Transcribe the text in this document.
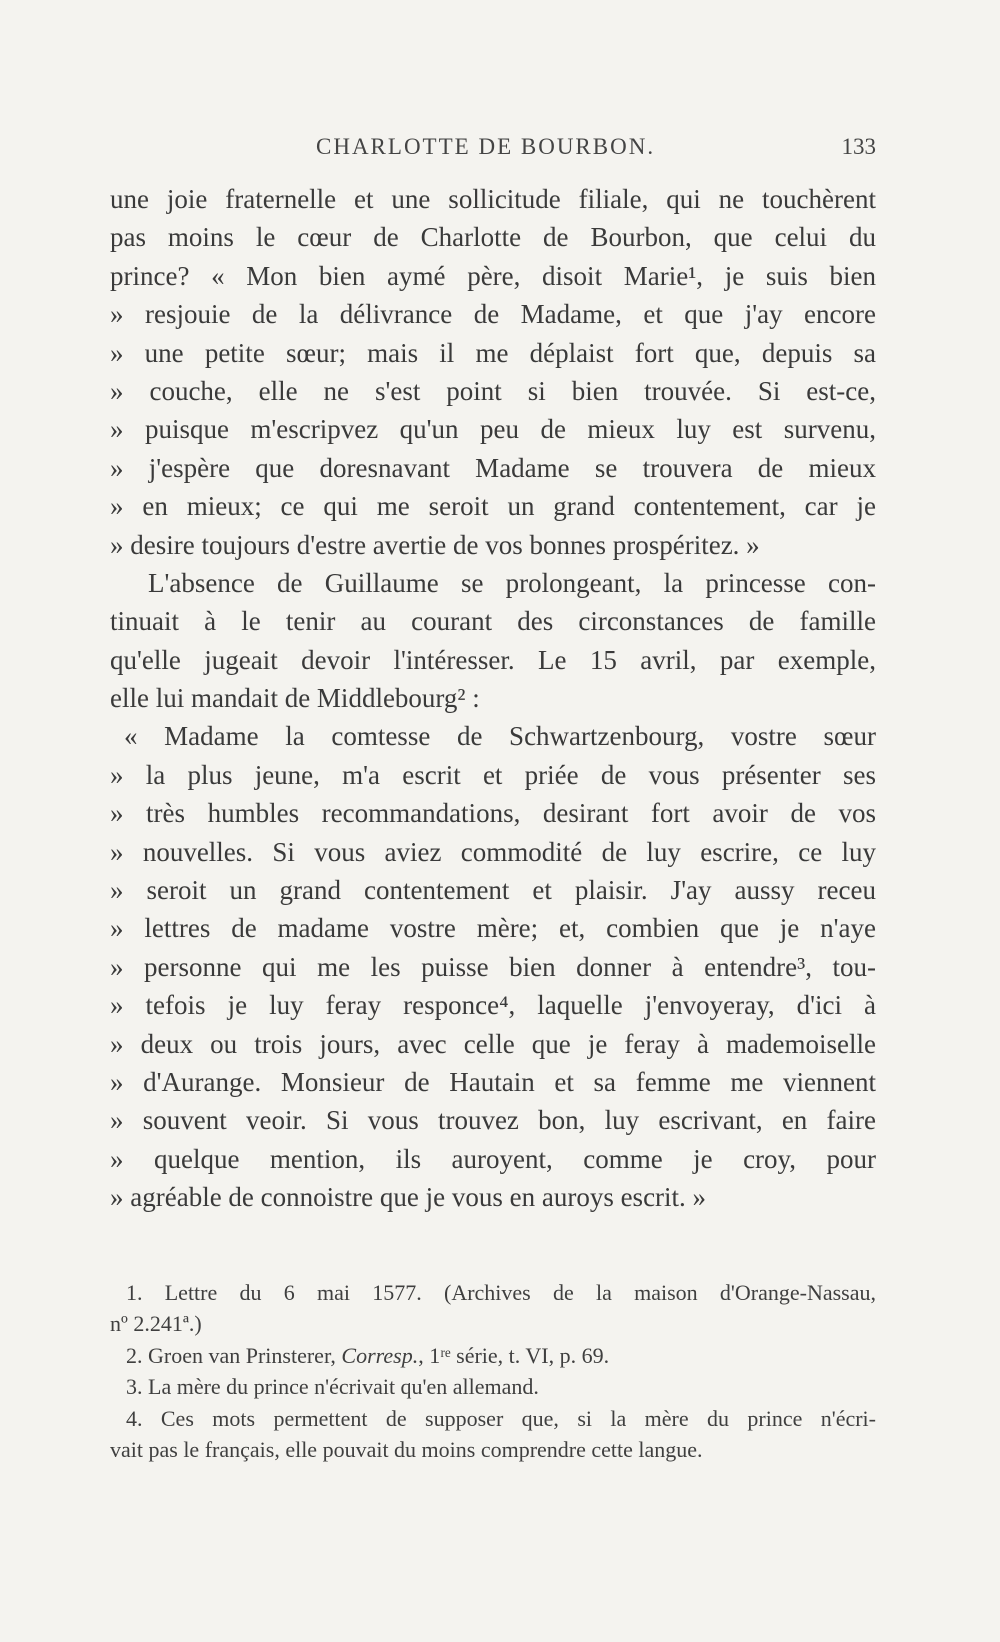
CHARLOTTE DE BOURBON.	133
une joie fraternelle et une sollicitude filiale, qui ne touchèrent
pas moins le cœur de Charlotte de Bourbon, que celui du
prince? « Mon bien aymé père, disoit Marie¹, je suis bien
» resjouie de la délivrance de Madame, et que j'ay encore
» une petite sœur; mais il me déplaist fort que, depuis sa
» couche, elle ne s'est point si bien trouvée. Si est-ce,
» puisque m'escripvez qu'un peu de mieux luy est survenu,
» j'espère que doresnavant Madame se trouvera de mieux
» en mieux; ce qui me seroit un grand contentement, car je
» desire toujours d'estre avertie de vos bonnes prospéritez. »
L'absence de Guillaume se prolongeant, la princesse con-
tinuait à le tenir au courant des circonstances de famille
qu'elle jugeait devoir l'intéresser. Le 15 avril, par exemple,
elle lui mandait de Middlebourg² :
« Madame la comtesse de Schwartzenbourg, vostre sœur
» la plus jeune, m'a escrit et priée de vous présenter ses
» très humbles recommandations, desirant fort avoir de vos
» nouvelles. Si vous aviez commodité de luy escrire, ce luy
» seroit un grand contentement et plaisir. J'ay aussy receu
» lettres de madame vostre mère; et, combien que je n'aye
» personne qui me les puisse bien donner à entendre³, tou-
» tefois je luy feray responce⁴, laquelle j'envoyeray, d'ici à
» deux ou trois jours, avec celle que je feray à mademoiselle
» d'Aurange. Monsieur de Hautain et sa femme me viennent
» souvent veoir. Si vous trouvez bon, luy escrivant, en faire
» quelque mention, ils auroyent, comme je croy, pour
» agréable de connoistre que je vous en auroys escrit. »
1. Lettre du 6 mai 1577. (Archives de la maison d'Orange-Nassau,
nº 2.241ª.)
2. Groen van Prinsterer, Corresp., 1ʳᵉ série, t. VI, p. 69.
3. La mère du prince n'écrivait qu'en allemand.
4. Ces mots permettent de supposer que, si la mère du prince n'écri-
vait pas le français, elle pouvait du moins comprendre cette langue.
